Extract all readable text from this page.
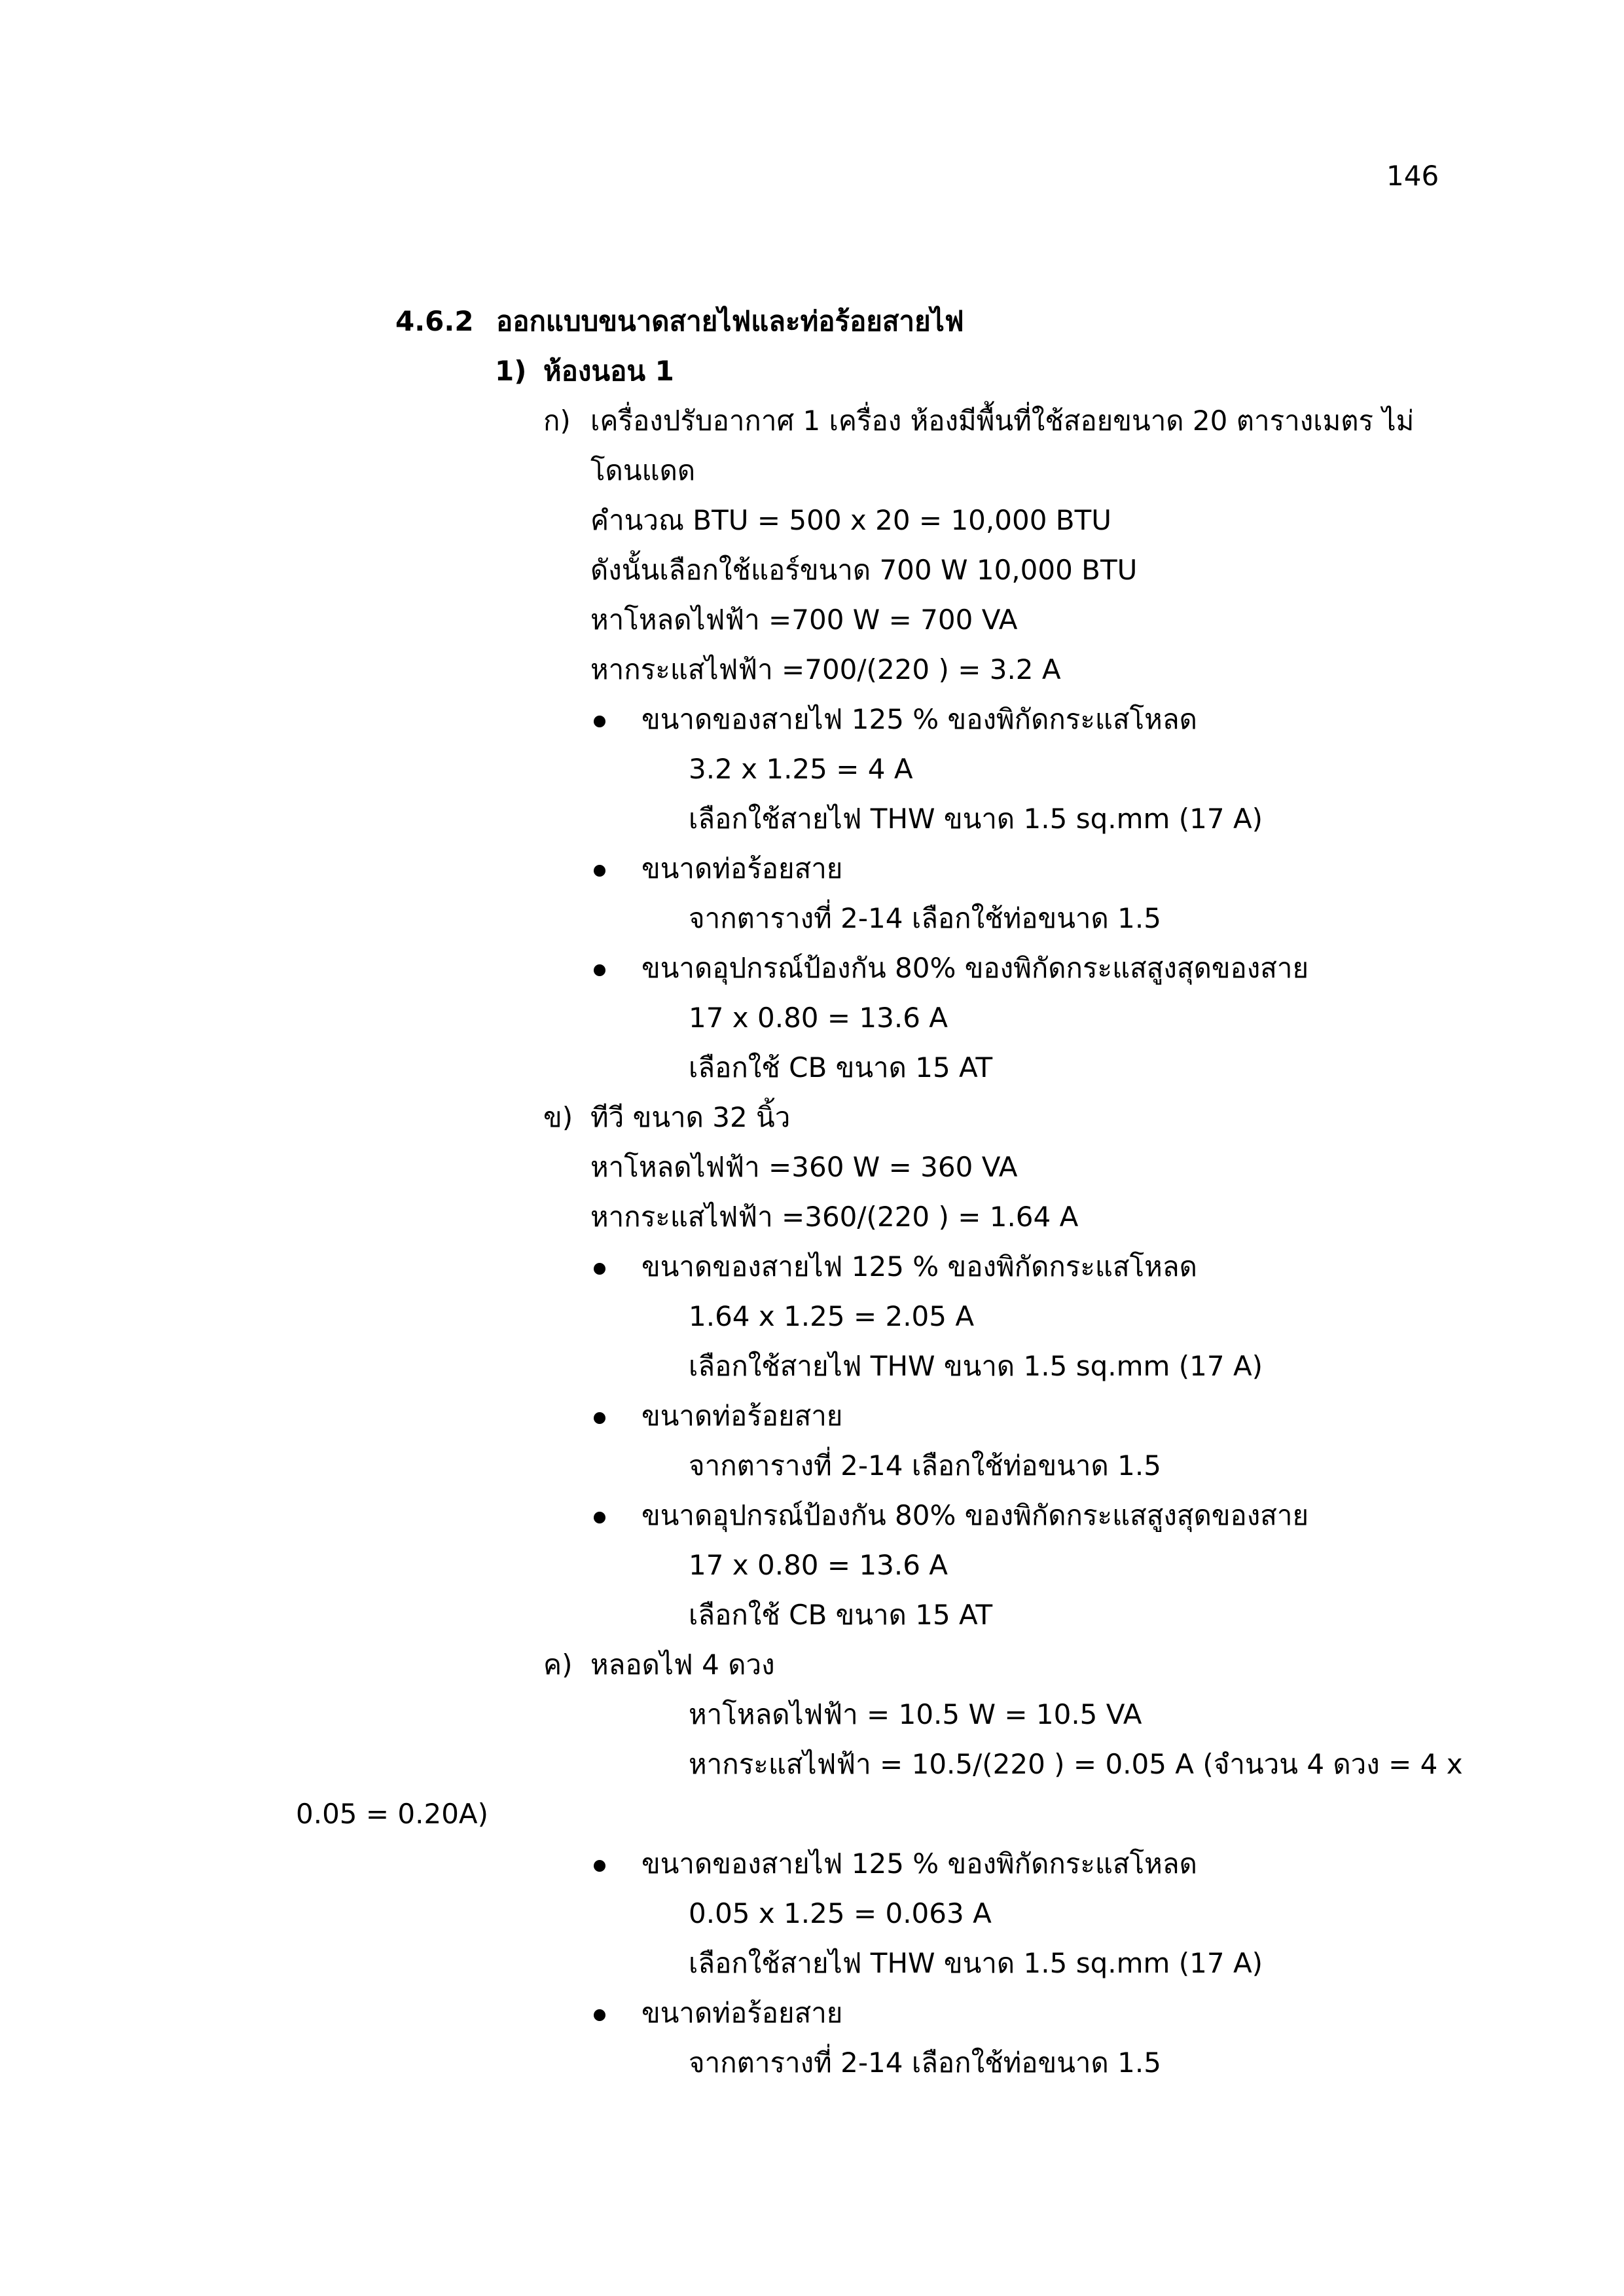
146
4.6.2 ออกแบบขนาดสายไฟและท่อร้อยสายไฟ
1) ห้องนอน 1
ก) เครื่องปรับอากาศ 1 เครื่อง ห้องมีพื้นที่ใช้สอยขนาด 20 ตารางเมตร ไม่
โดนแดด
คำนวณ BTU = 500 x 20 = 10,000 BTU
ดังนั้นเลือกใช้แอร์ขนาด 700 W 10,000 BTU
หาโหลดไฟฟ้า =700 W = 700 VA
หากระแสไฟฟ้า =700/(220 ) = 3.2 A
ขนาดของสายไฟ 125 % ของพิกัดกระแสโหลด
3.2 x 1.25 = 4 A
เลือกใช้สายไฟ THW ขนาด 1.5 sq.mm (17 A)
ขนาดท่อร้อยสาย
จากตารางที่ 2-14 เลือกใช้ท่อขนาด 1.5
ขนาดอุปกรณ์ป้องกัน 80% ของพิกัดกระแสสูงสุดของสาย
17 x 0.80 = 13.6 A
เลือกใช้ CB ขนาด 15 AT
ข) ทีวี ขนาด 32 นิ้ว
หาโหลดไฟฟ้า =360 W = 360 VA
หากระแสไฟฟ้า =360/(220 ) = 1.64 A
ขนาดของสายไฟ 125 % ของพิกัดกระแสโหลด
1.64 x 1.25 = 2.05 A
เลือกใช้สายไฟ THW ขนาด 1.5 sq.mm (17 A)
ขนาดท่อร้อยสาย
จากตารางที่ 2-14 เลือกใช้ท่อขนาด 1.5
ขนาดอุปกรณ์ป้องกัน 80% ของพิกัดกระแสสูงสุดของสาย
17 x 0.80 = 13.6 A
เลือกใช้ CB ขนาด 15 AT
ค) หลอดไฟ 4 ดวง
หาโหลดไฟฟ้า = 10.5 W = 10.5 VA
หากระแสไฟฟ้า = 10.5/(220 ) = 0.05 A (จำนวน 4 ดวง = 4 x
0.05 = 0.20A)
ขนาดของสายไฟ 125 % ของพิกัดกระแสโหลด
0.05 x 1.25 = 0.063 A
เลือกใช้สายไฟ THW ขนาด 1.5 sq.mm (17 A)
ขนาดท่อร้อยสาย
จากตารางที่ 2-14 เลือกใช้ท่อขนาด 1.5
